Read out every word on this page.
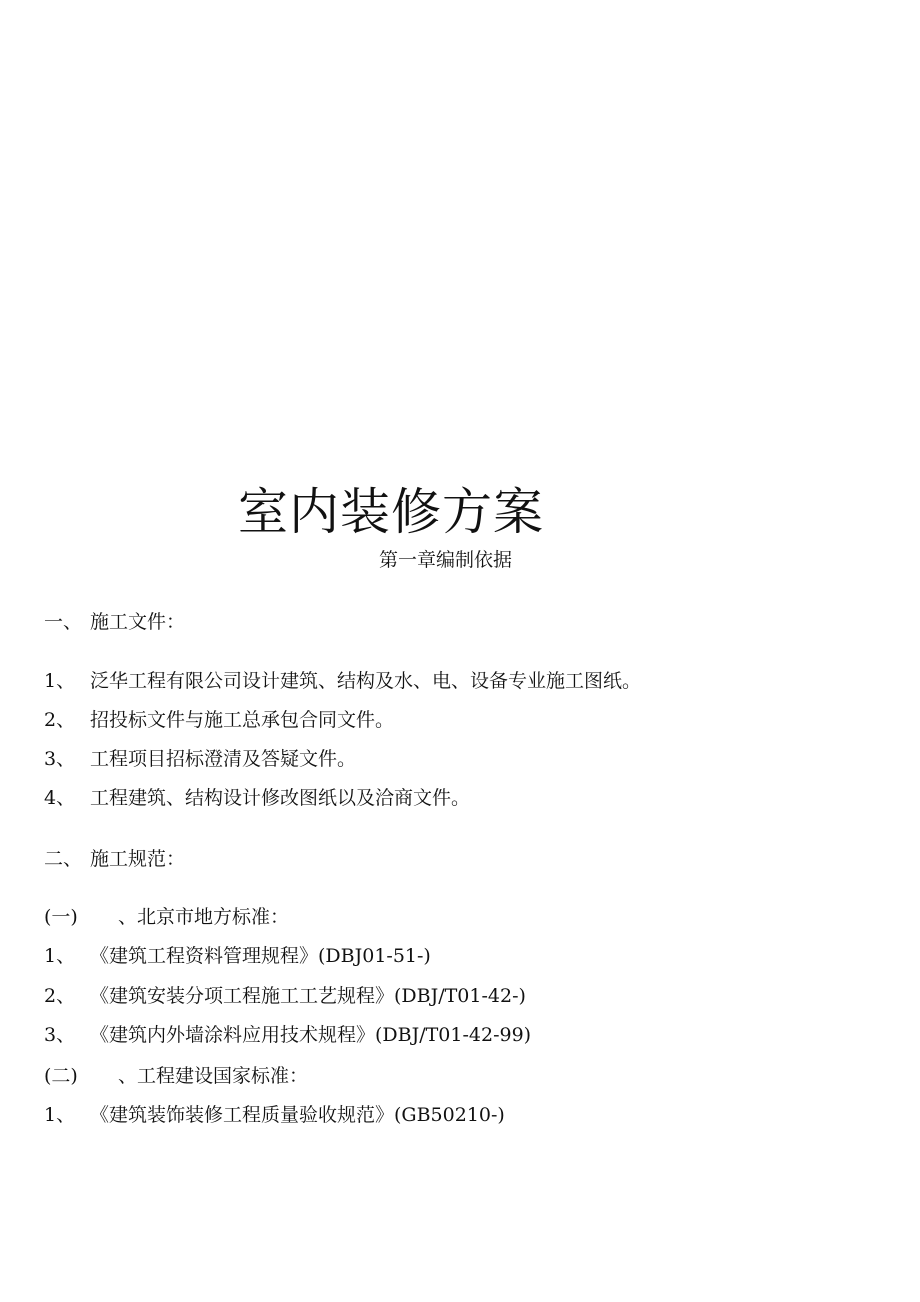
室内装修方案
第一章编制依据
一、 施工文件：
1、 泛华工程有限公司设计建筑、结构及水、电、设备专业施工图纸。
2、 招投标文件与施工总承包合同文件。
3、 工程项目招标澄清及答疑文件。
4、 工程建筑、结构设计修改图纸以及洽商文件。
二、 施工规范：
(一) 、北京市地方标准：
1、 《建筑工程资料管理规程》(DBJ01-51-)
2、 《建筑安装分项工程施工工艺规程》(DBJ/T01-42-)
3、 《建筑内外墙涂料应用技术规程》(DBJ/T01-42-99)
(二) 、工程建设国家标准：
1、 《建筑装饰装修工程质量验收规范》(GB50210-)
